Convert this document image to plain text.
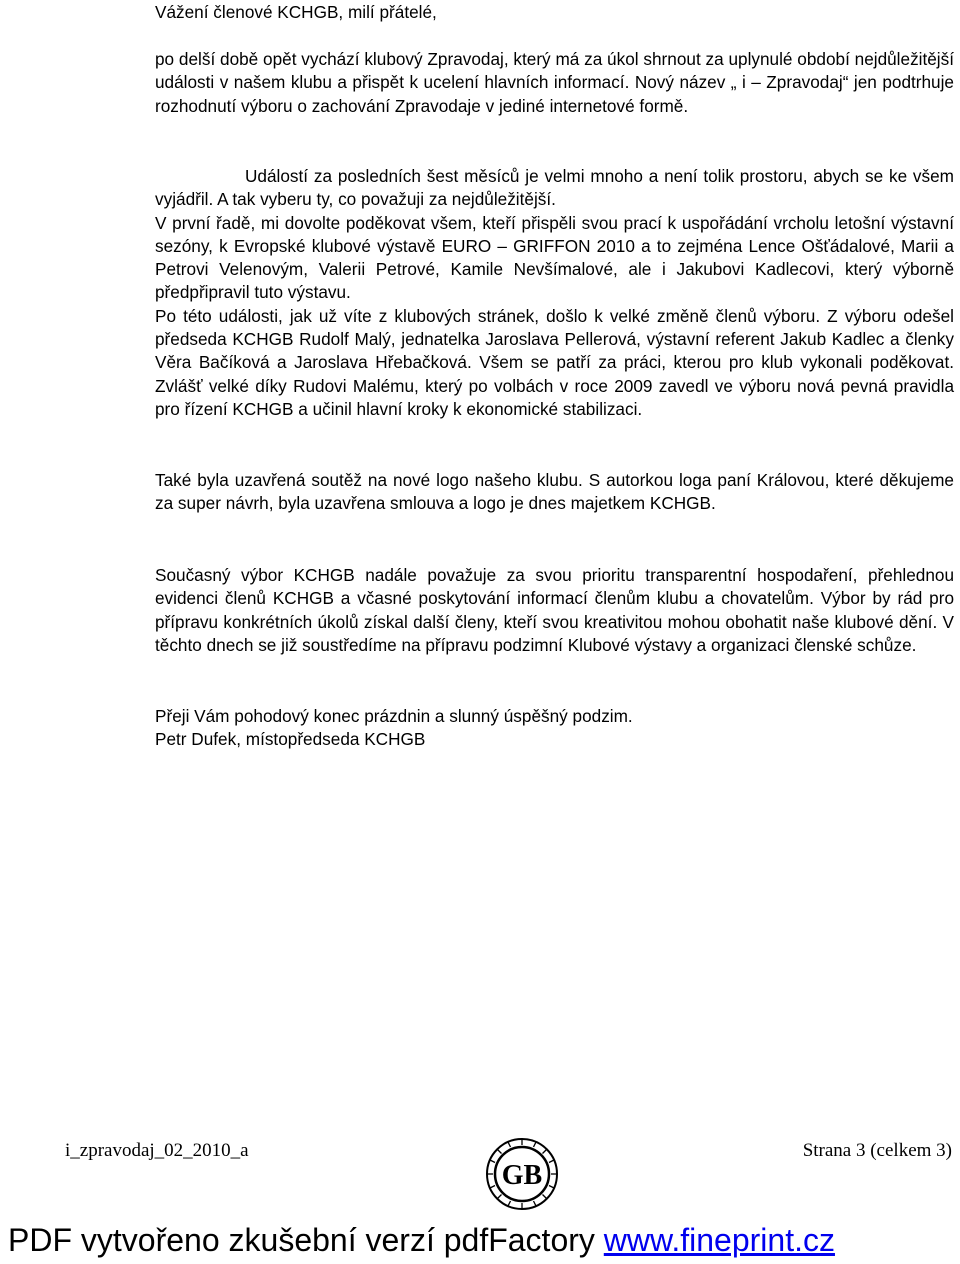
Vážení členové KCHGB, milí přátelé,

po delší době opět vychází klubový Zpravodaj, který má za úkol shrnout za uplynulé období nejdůležitější události v našem klubu a přispět k ucelení hlavních informací. Nový název „ i – Zpravodaj“ jen podtrhuje rozhodnutí výboru o zachování Zpravodaje v jediné internetové formě.

Událostí za posledních šest měsíců je velmi mnoho a není tolik prostoru, abych se ke všem vyjádřil. A tak vyberu ty, co považuji za nejdůležitější.

V první řadě, mi dovolte poděkovat všem, kteří přispěli svou prací k uspořádání vrcholu letošní výstavní sezóny, k Evropské klubové výstavě EURO – GRIFFON 2010 a to zejména Lence Ošťádalové, Marii a Petrovi Velenovým, Valerii Petrové, Kamile Nevšímalové, ale i Jakubovi Kadlecovi, který výborně předpřipravil tuto výstavu.

Po této události, jak už víte z klubových stránek, došlo k velké změně členů výboru. Z výboru odešel předseda KCHGB Rudolf Malý, jednatelka Jaroslava Pellerová, výstavní referent Jakub Kadlec a členky Věra Bačíková a Jaroslava Hřebačková. Všem se patří za práci, kterou pro klub vykonali poděkovat. Zvlášť velké díky Rudovi Malému, který po volbách v roce 2009 zavedl ve výboru nová pevná pravidla pro řízení KCHGB a učinil hlavní kroky k ekonomické stabilizaci.

Také byla uzavřená soutěž na nové logo našeho klubu. S autorkou loga paní Královou, které děkujeme za super návrh, byla uzavřena smlouva a logo je dnes majetkem KCHGB.

Současný výbor KCHGB nadále považuje za svou prioritu transparentní hospodaření, přehlednou evidenci členů KCHGB a včasné poskytování informací členům klubu a chovatelům. Výbor by rád pro přípravu konkrétních úkolů získal další členy, kteří svou kreativitou mohou obohatit naše klubové dění. V těchto dnech se již soustředíme na přípravu podzimní Klubové výstavy a organizaci členské schůze.

Přeji Vám pohodový konec prázdnin a slunný úspěšný podzim.

Petr Dufek, místopředseda KCHGB

i_zpravodaj_02_2010_a
GB
Strana 3 (celkem 3)
PDF vytvořeno zkušební verzí pdfFactory www.fineprint.cz
